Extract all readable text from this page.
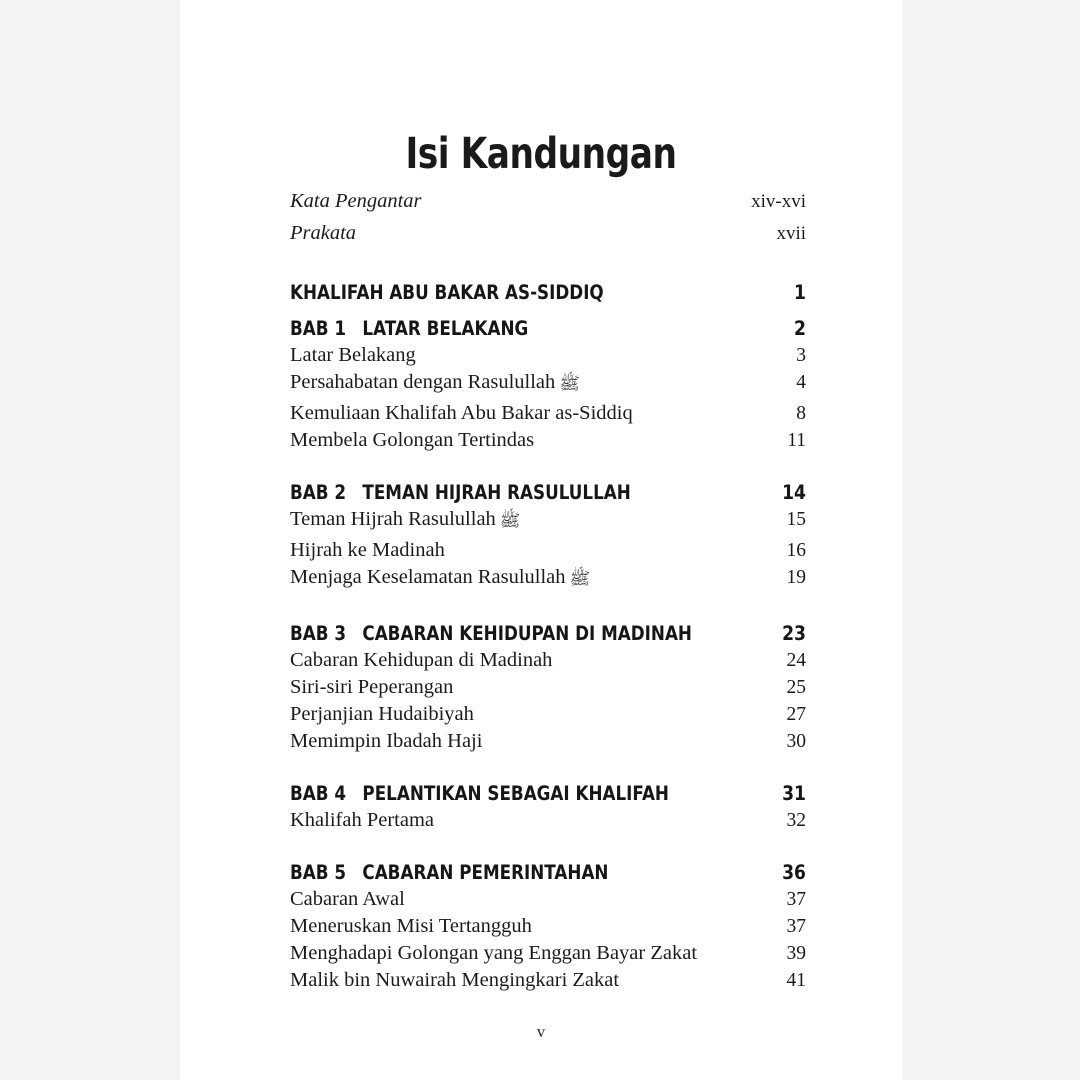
Isi Kandungan
Kata Pengantar	xiv-xvi
Prakata	xvii
KHALIFAH ABU BAKAR AS-SIDDIQ	1
BAB 1 LATAR BELAKANG	2
Latar Belakang	3
Persahabatan dengan Rasulullah ﷺ	4
Kemuliaan Khalifah Abu Bakar as-Siddiq	8
Membela Golongan Tertindas	11
BAB 2 TEMAN HIJRAH RASULULLAH	14
Teman Hijrah Rasulullah ﷺ	15
Hijrah ke Madinah	16
Menjaga Keselamatan Rasulullah ﷺ	19
BAB 3 CABARAN KEHIDUPAN DI MADINAH	23
Cabaran Kehidupan di Madinah	24
Siri-siri Peperangan	25
Perjanjian Hudaibiyah	27
Memimpin Ibadah Haji	30
BAB 4 PELANTIKAN SEBAGAI KHALIFAH	31
Khalifah Pertama	32
BAB 5 CABARAN PEMERINTAHAN	36
Cabaran Awal	37
Meneruskan Misi Tertangguh	37
Menghadapi Golongan yang Enggan Bayar Zakat	39
Malik bin Nuwairah Mengingkari Zakat	41
v
